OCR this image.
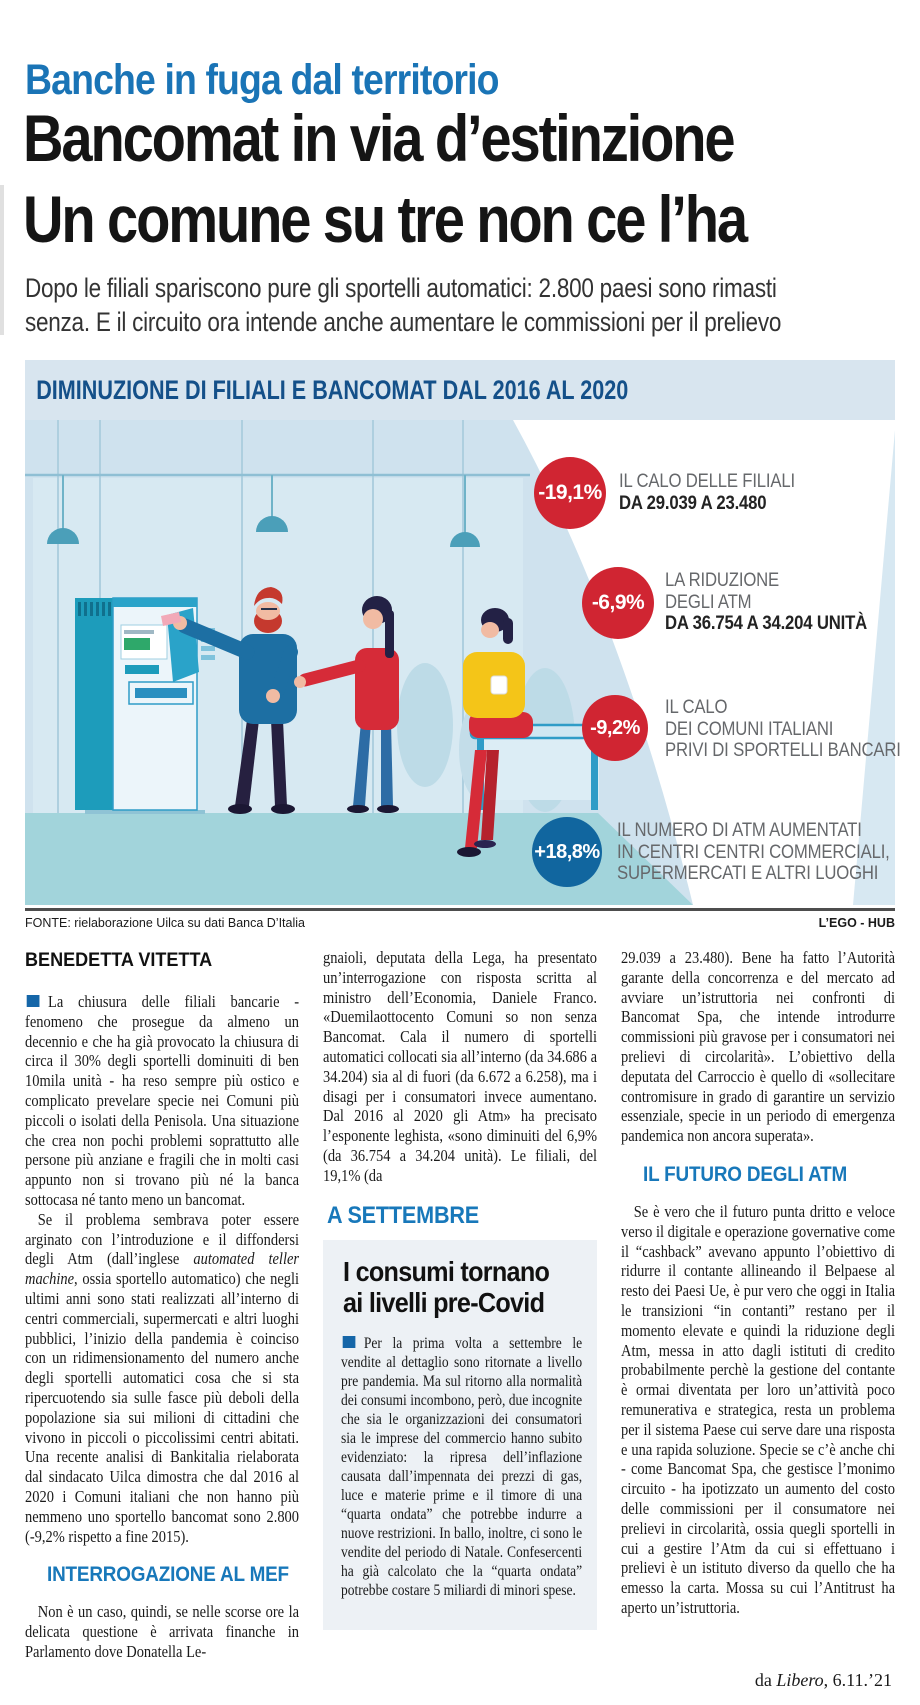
Banche in fuga dal territorio
Bancomat in via d’estinzione
Un comune su tre non ce l’ha
Dopo le filiali spariscono pure gli sportelli automatici: 2.800 paesi sono rimasti
senza. E il circuito ora intende anche aumentare le commissioni per il prelievo
DIMINUZIONE DI FILIALI E BANCOMAT DAL 2016 AL 2020
-19,1% IL CALO DELLE FILIALI
DA 29.039 A 23.480
-6,9%
LA RIDUZIONE
DEGLI ATM
DA 36.754 A 34.204 UNITÀ
-9,2%
IL CALO
DEI COMUNI ITALIANI
PRIVI DI SPORTELLI BANCARI
+18,8%
IL NUMERO DI ATM AUMENTATI
IN CENTRI CENTRI COMMERCIALI,
SUPERMERCATI E ALTRI LUOGHI
FONTE: rielaborazione Uilca su dati Banca D’Italia	L’EGO - HUB
BENEDETTA VITETTA

La chiusura delle filiali bancarie - fenomeno che prosegue da almeno un decennio e che ha già provocato la chiusura di circa il 30% degli sportelli dominuiti di ben 10mila unità - ha reso sempre più ostico e complicato prevelare specie nei Comuni più piccoli o isolati della Penisola. Una situazione che crea non pochi problemi soprattutto alle persone più anziane e fragili che in molti casi appunto non si trovano più né la banca sottocasa né tanto meno un bancomat.

Se il problema sembrava poter essere arginato con l’introduzione e il diffondersi degli Atm (dall’inglese automated teller machine, ossia sportello automatico) che negli ultimi anni sono stati realizzati all’interno di centri commerciali, supermercati e altri luoghi pubblici, l’inizio della pandemia è coinciso con un ridimensionamento del numero anche degli sportelli automatici cosa che si sta ripercuotendo sia sulle fasce più deboli della popolazione sia sui milioni di cittadini che vivono in piccoli o piccolissimi centri abitati. Una recente analisi di Bankitalia rielaborata dal sindacato Uilca dimostra che dal 2016 al 2020 i Comuni italiani che non hanno più nemmeno uno sportello bancomat sono 2.800 (-9,2% rispetto a fine 2015).

INTERROGAZIONE AL MEF

Non è un caso, quindi, se nelle scorse ore la delicata questione è arrivata finanche in Parlamento dove Donatella Le-

gnaioli, deputata della Lega, ha presentato un’interrogazione con risposta scritta al ministro dell’Economia, Daniele Franco. «Duemilaottocento Comuni so non senza Bancomat. Cala il numero di sportelli automatici collocati sia all’interno (da 34.686 a 34.204) sia al di fuori (da 6.672 a 6.258), ma i disagi per i consumatori invece aumentano. Dal 2016 al 2020 gli Atm» ha precisato l’esponente leghista, «sono diminuiti del 6,9% (da 36.754 a 34.204 unità). Le filiali, del 19,1% (da

A SETTEMBRE
I consumi tornano
ai livelli pre-Covid

Per la prima volta a settembre le vendite al dettaglio sono ritornate a livello pre pandemia. Ma sul ritorno alla normalità dei consumi incombono, però, due incognite che sia le organizzazioni dei consumatori sia le imprese del commercio hanno subito evidenziato: la ripresa dell’inflazione causata dall’impennata dei prezzi di gas, luce e materie prime e il timore di una “quarta ondata” che potrebbe indurre a nuove restrizioni. In ballo, inoltre, ci sono le vendite del periodo di Natale. Confesercenti ha già calcolato che la “quarta ondata” potrebbe costare 5 miliardi di minori spese.

29.039 a 23.480). Bene ha fatto l’Autorità garante della concorrenza e del mercato ad avviare un’istruttoria nei confronti di Bancomat Spa, che intende introdurre commissioni più gravose per i consumatori nei prelievi di circolarità». L’obiettivo della deputata del Carroccio è quello di «sollecitare contromisure in grado di garantire un servizio essenziale, specie in un periodo di emergenza pandemica non ancora superata».

IL FUTURO DEGLI ATM

Se è vero che il futuro punta dritto e veloce verso il digitale e operazione governative come il “cashback” avevano appunto l’obiettivo di ridurre il contante allineando il Belpaese al resto dei Paesi Ue, è pur vero che oggi in Italia le transizioni “in contanti” restano per il momento elevate e quindi la riduzione degli Atm, messa in atto dagli istituti di credito probabilmente perchè la gestione del contante è ormai diventata per loro un’attività poco remunerativa e strategica, resta un problema per il sistema Paese cui serve dare una risposta e una rapida soluzione. Specie se c’è anche chi - come Bancomat Spa, che gestisce l’monimo circuito - ha ipotizzato un aumento del costo delle commissioni per il consumatore nei prelievi in circolarità, ossia quegli sportelli in cui a gestire l’Atm da cui si effettuano i prelievi è un istituto diverso da quello che ha emesso la carta. Mossa su cui l’Antitrust ha aperto un’istruttoria.

da Libero, 6.11.’21
